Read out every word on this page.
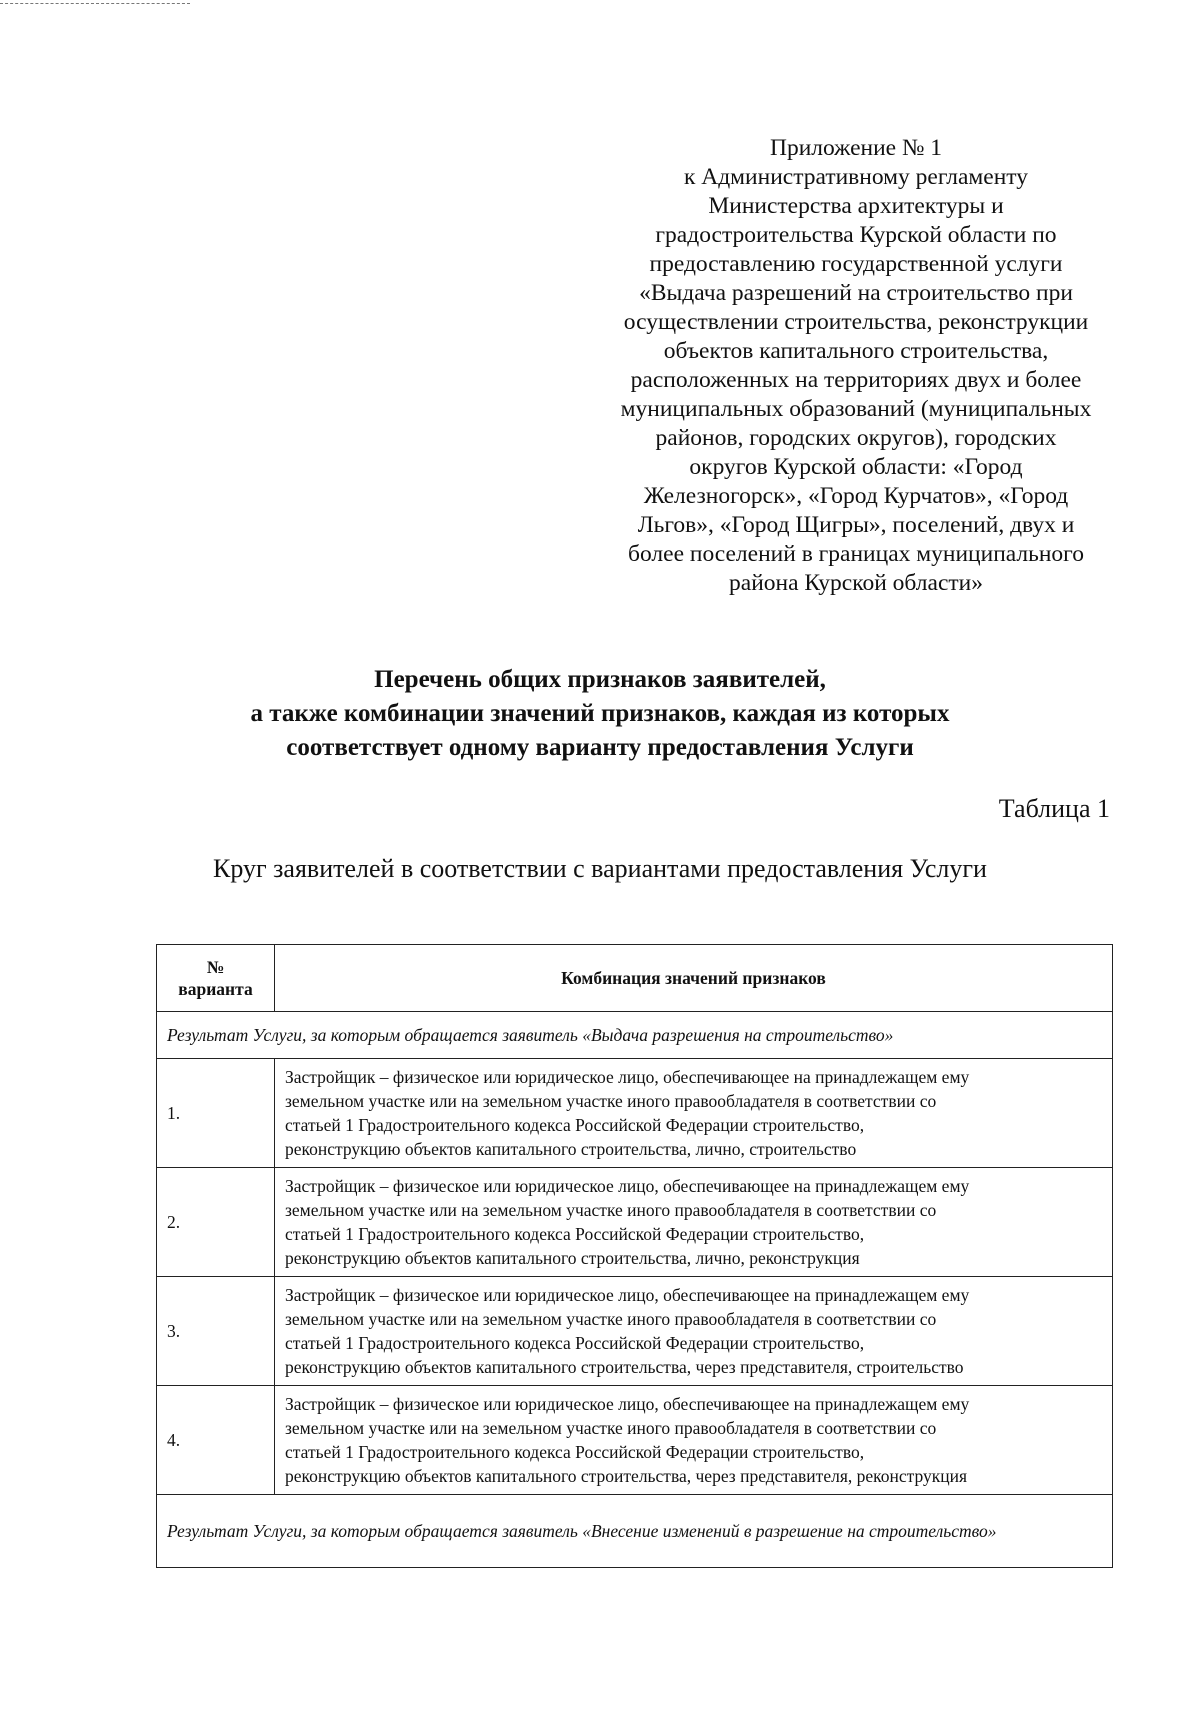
Приложение № 1
к Административному регламенту
Министерства архитектуры и
градостроительства Курской области по
предоставлению государственной услуги
«Выдача разрешений на строительство при
осуществлении строительства, реконструкции
объектов капитального строительства,
расположенных на территориях двух и более
муниципальных образований (муниципальных
районов, городских округов), городских
округов Курской области: «Город
Железногорск», «Город Курчатов», «Город
Льгов», «Город Щигры», поселений, двух и
более поселений в границах муниципального
района Курской области»
Перечень общих признаков заявителей,
а также комбинации значений признаков, каждая из которых
соответствует одному варианту предоставления Услуги
Таблица 1
Круг заявителей в соответствии с вариантами предоставления Услуги
№
варианта	Комбинация значений признаков
Результат Услуги, за которым обращается заявитель «Выдача разрешения на строительство»	
1.	Застройщик – физическое или юридическое лицо, обеспечивающее на принадлежащем ему
земельном участке или на земельном участке иного правообладателя в соответствии со
статьей 1 Градостроительного кодекса Российской Федерации строительство,
реконструкцию объектов капитального строительства, лично, строительство

2.	Застройщик – физическое или юридическое лицо, обеспечивающее на принадлежащем ему
земельном участке или на земельном участке иного правообладателя в соответствии со
статьей 1 Градостроительного кодекса Российской Федерации строительство,
реконструкцию объектов капитального строительства, лично, реконструкция

3.	Застройщик – физическое или юридическое лицо, обеспечивающее на принадлежащем ему
земельном участке или на земельном участке иного правообладателя в соответствии со
статьей 1 Градостроительного кодекса Российской Федерации строительство,
реконструкцию объектов капитального строительства, через представителя, строительство

4.	Застройщик – физическое или юридическое лицо, обеспечивающее на принадлежащем ему
земельном участке или на земельном участке иного правообладателя в соответствии со
статьей 1 Градостроительного кодекса Российской Федерации строительство,
реконструкцию объектов капитального строительства, через представителя, реконструкция

Результат Услуги, за которым обращается заявитель «Внесение изменений в разрешение на строительство»	
